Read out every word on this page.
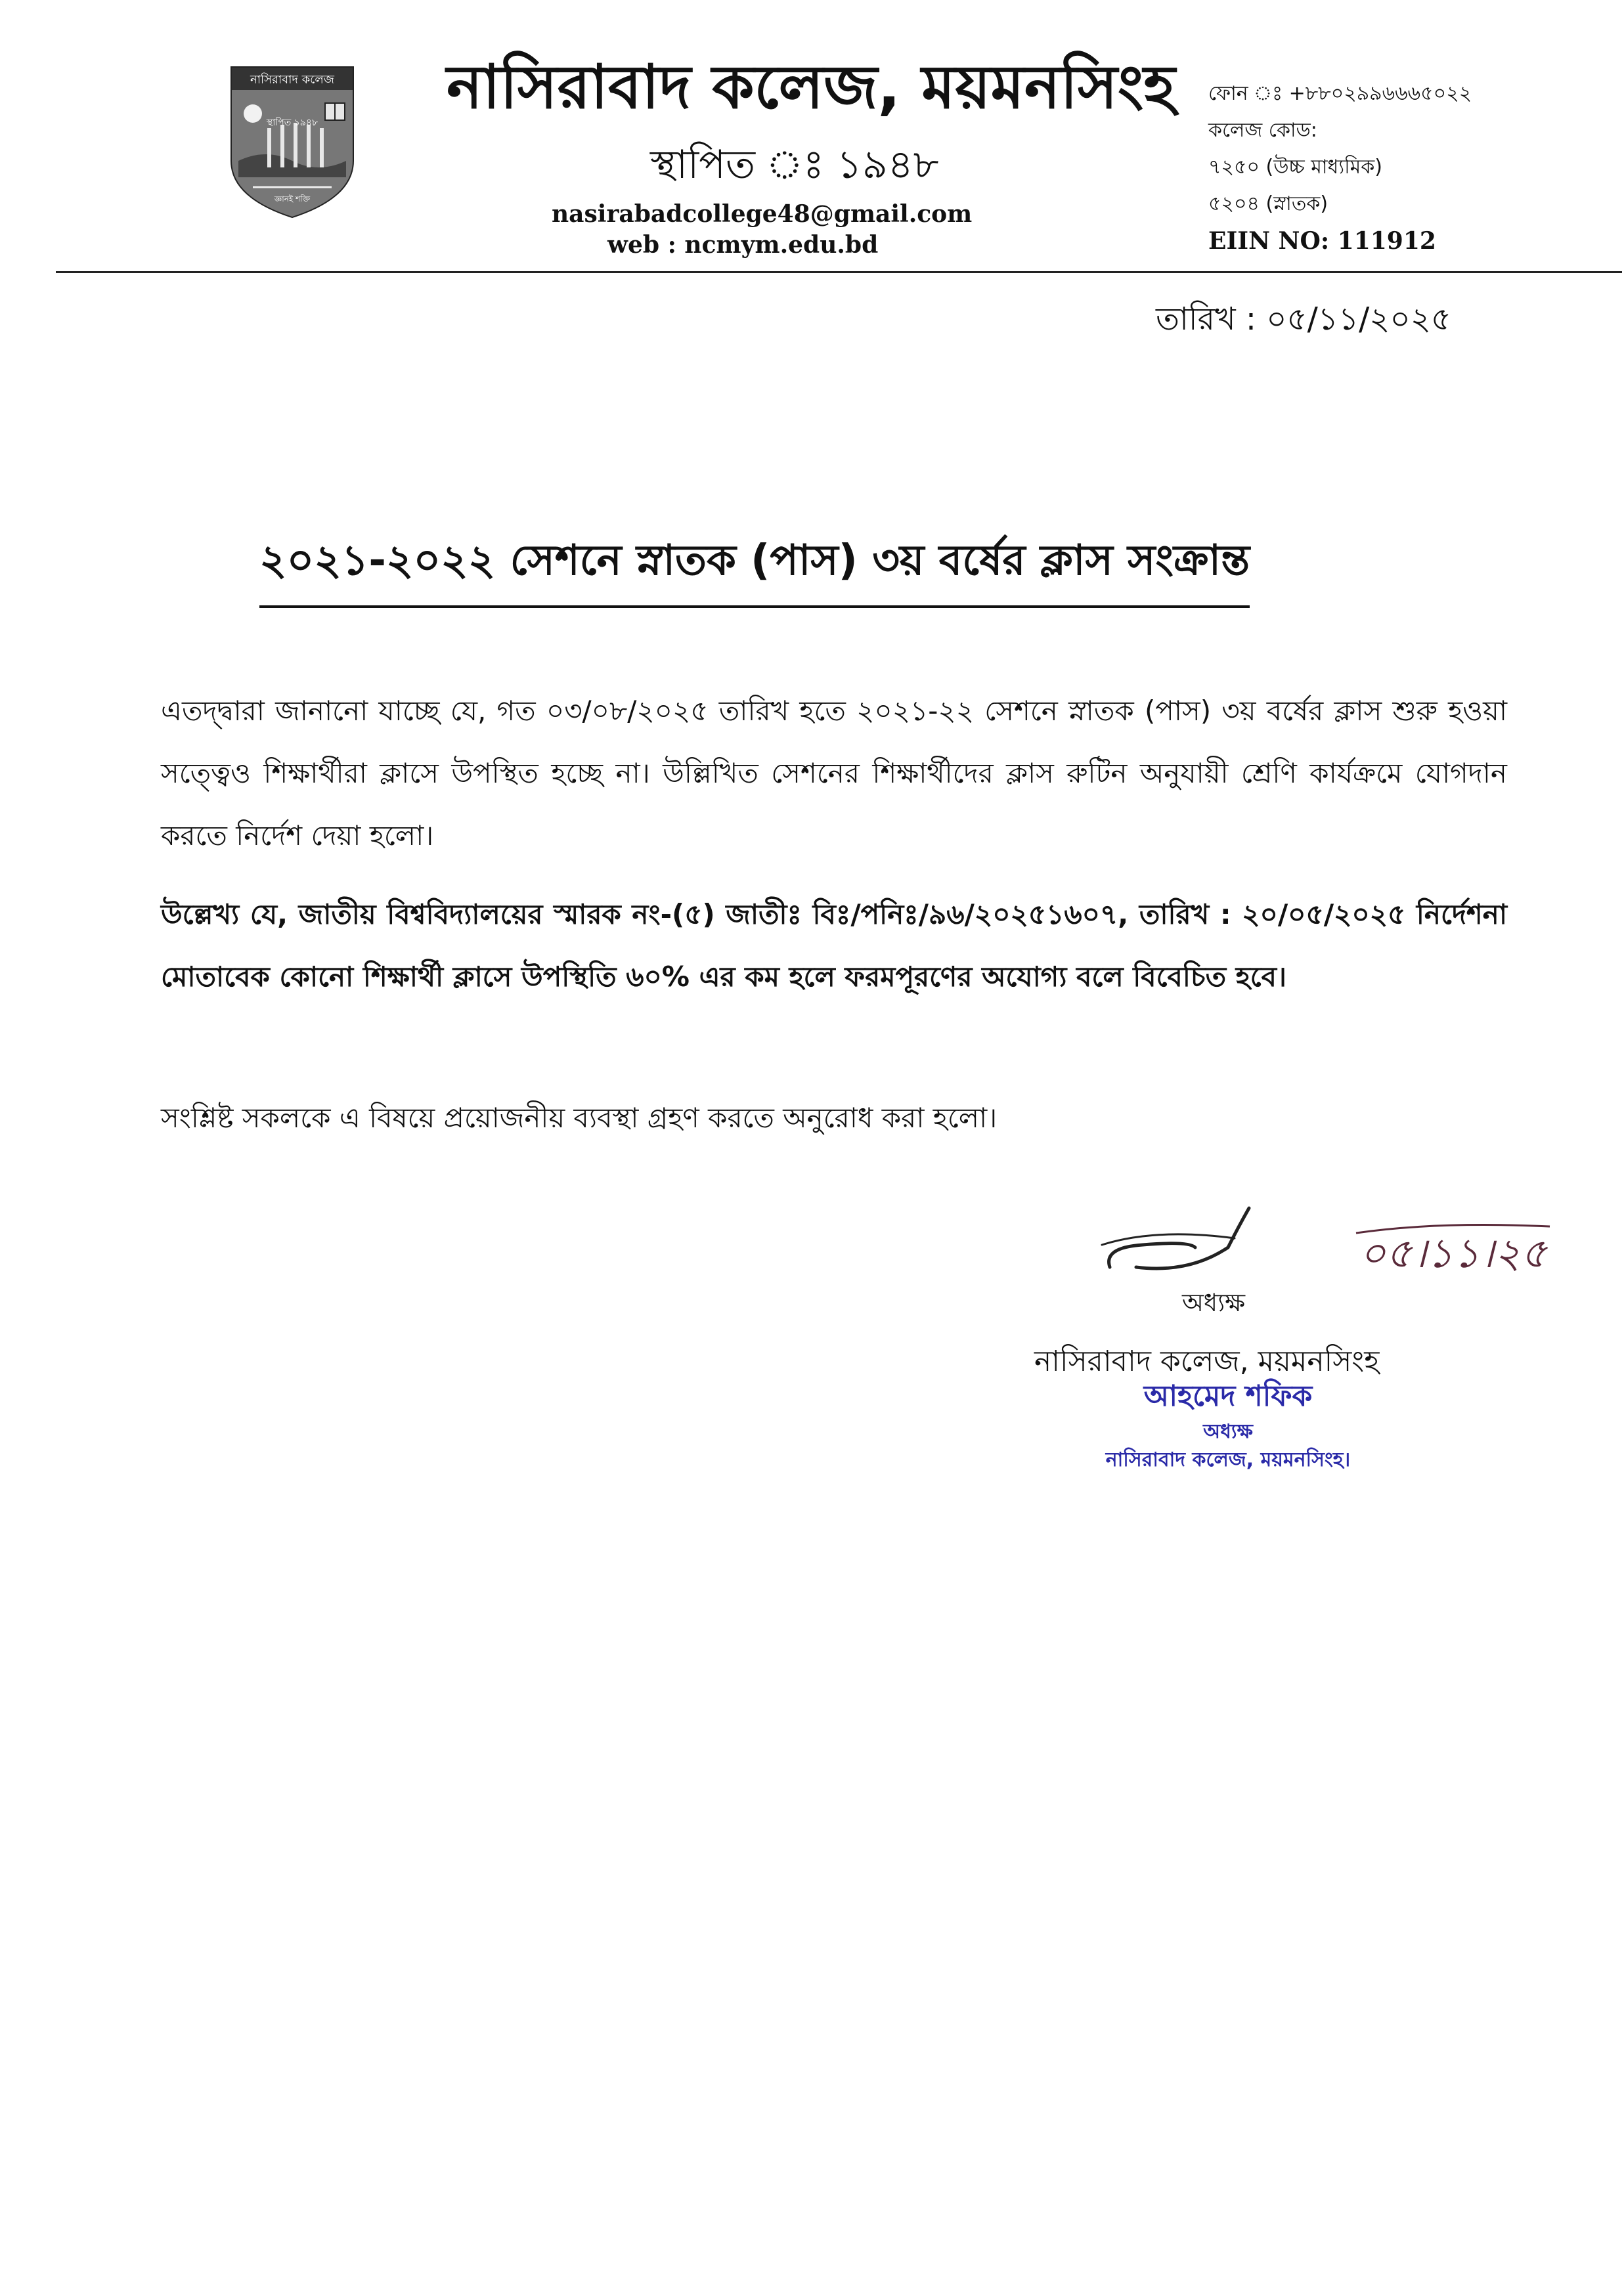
নাসিরাবাদ কলেজ
স্থাপিত ১৯৪৮
জ্ঞানই শক্তি
নাসিরাবাদ কলেজ, ময়মনসিংহ
স্থাপিত ঃ ১৯৪৮
nasirabadcollege48@gmail.com
web : ncmym.edu.bd
ফোন ঃ +৮৮০২৯৯৬৬৬৫০২২
কলেজ কোড:
৭২৫০ (উচ্চ মাধ্যমিক)
৫২০৪ (স্নাতক)
EIIN NO: 111912
তারিখ : ০৫/১১/২০২৫
২০২১-২০২২ সেশনে স্নাতক (পাস) ৩য় বর্ষের ক্লাস সংক্রান্ত
এতদ্দ্বারা জানানো যাচ্ছে যে, গত ০৩/০৮/২০২৫ তারিখ হতে ২০২১-২২ সেশনে স্নাতক (পাস) ৩য় বর্ষের ক্লাস শুরু হওয়া সত্ত্বেও শিক্ষার্থীরা ক্লাসে উপস্থিত হচ্ছে না। উল্লিখিত সেশনের শিক্ষার্থীদের ক্লাস রুটিন অনুযায়ী শ্রেণি কার্যক্রমে যোগদান করতে নির্দেশ দেয়া হলো।
উল্লেখ্য যে, জাতীয় বিশ্ববিদ্যালয়ের স্মারক নং-(৫) জাতীঃ বিঃ/পনিঃ/৯৬/২০২৫১৬০৭, তারিখ : ২০/০৫/২০২৫ নির্দেশনা মোতাবেক কোনো শিক্ষার্থী ক্লাসে উপস্থিতি ৬০% এর কম হলে ফরমপূরণের অযোগ্য বলে বিবেচিত হবে।
সংশ্লিষ্ট সকলকে এ বিষয়ে প্রয়োজনীয় ব্যবস্থা গ্রহণ করতে অনুরোধ করা হলো।
০৫।১১।২৫
অধ্যক্ষ
নাসিরাবাদ কলেজ, ময়মনসিংহ
আহমেদ শফিক
অধ্যক্ষ
নাসিরাবাদ কলেজ, ময়মনসিংহ।
